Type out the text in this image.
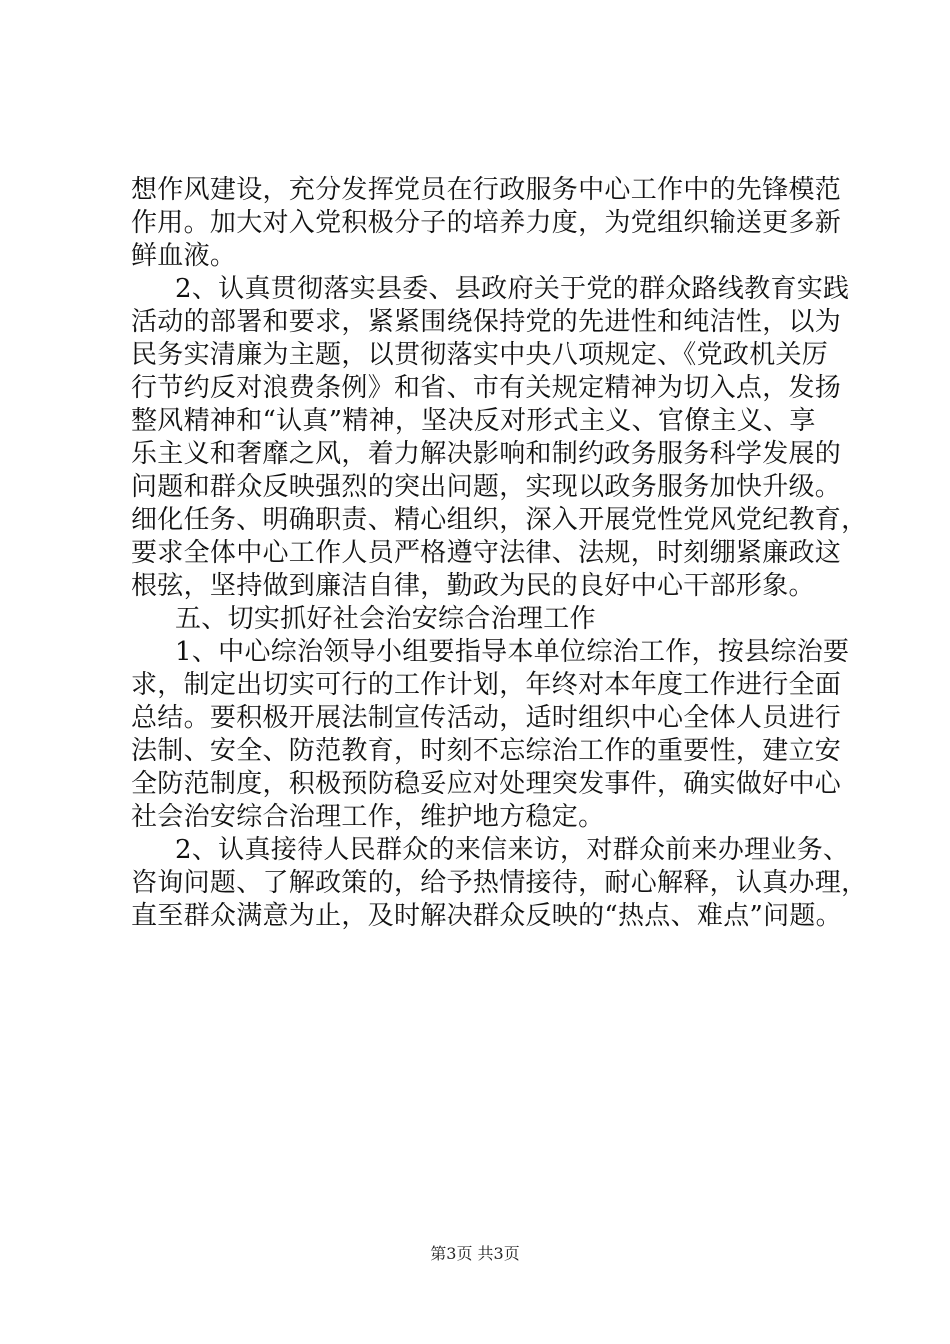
想作风建设，充分发挥党员在行政服务中心工作中的先锋模范
作用。加大对入党积极分子的培养力度，为党组织输送更多新
鲜血液。
2、认真贯彻落实县委、县政府关于党的群众路线教育实践
活动的部署和要求，紧紧围绕保持党的先进性和纯洁性，以为
民务实清廉为主题，以贯彻落实中央八项规定、《党政机关厉
行节约反对浪费条例》和省、市有关规定精神为切入点，发扬
整风精神和“认真”精神，坚决反对形式主义、官僚主义、享
乐主义和奢靡之风，着力解决影响和制约政务服务科学发展的
问题和群众反映强烈的突出问题，实现以政务服务加快升级。
细化任务、明确职责、精心组织，深入开展党性党风党纪教育，
要求全体中心工作人员严格遵守法律、法规，时刻绷紧廉政这
根弦，坚持做到廉洁自律，勤政为民的良好中心干部形象。
五、切实抓好社会治安综合治理工作
1、中心综治领导小组要指导本单位综治工作，按县综治要
求，制定出切实可行的工作计划，年终对本年度工作进行全面
总结。要积极开展法制宣传活动，适时组织中心全体人员进行
法制、安全、防范教育，时刻不忘综治工作的重要性，建立安
全防范制度，积极预防稳妥应对处理突发事件，确实做好中心
社会治安综合治理工作，维护地方稳定。
2、认真接待人民群众的来信来访，对群众前来办理业务、
咨询问题、了解政策的，给予热情接待，耐心解释，认真办理，
直至群众满意为止，及时解决群众反映的“热点、难点”问题。
第3页 共3页
